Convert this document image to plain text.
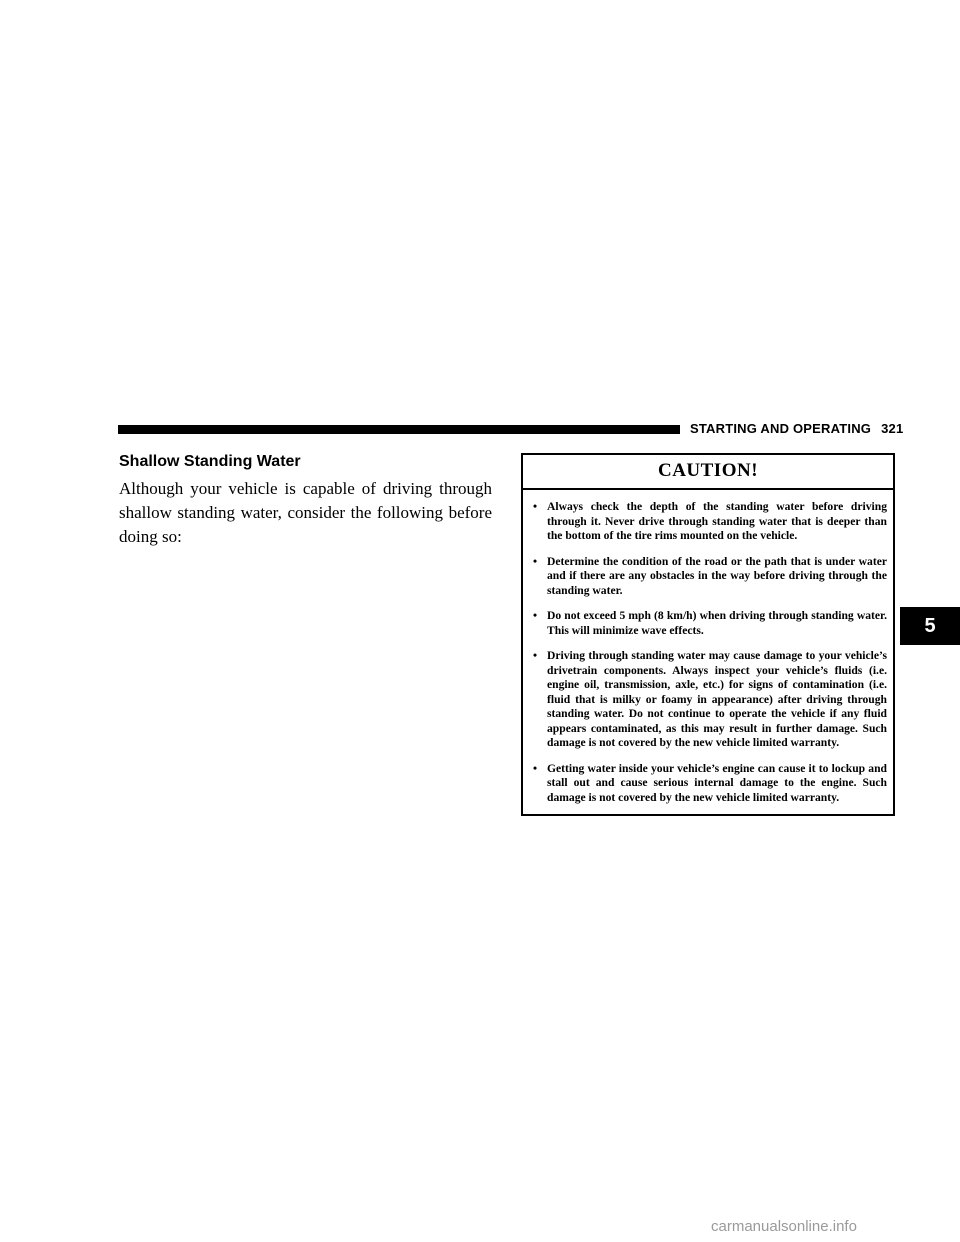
STARTING AND OPERATING 321
Shallow Standing Water

Although your vehicle is capable of driving through shallow standing water, consider the following before doing so:

CAUTION!
• Always check the depth of the standing water before driving through it. Never drive through standing water that is deeper than the bottom of the tire rims mounted on the vehicle.
• Determine the condition of the road or the path that is under water and if there are any obstacles in the way before driving through the standing water.
• Do not exceed 5 mph (8 km/h) when driving through standing water. This will minimize wave effects.
• Driving through standing water may cause damage to your vehicle’s drivetrain components. Always inspect your vehicle’s fluids (i.e. engine oil, transmission, axle, etc.) for signs of contamination (i.e. fluid that is milky or foamy in appearance) after driving through standing water. Do not continue to operate the vehicle if any fluid appears contaminated, as this may result in further damage. Such damage is not covered by the new vehicle limited warranty.
• Getting water inside your vehicle’s engine can cause it to lockup and stall out and cause serious internal damage to the engine. Such damage is not covered by the new vehicle limited warranty.
5
carmanualsonline.info
